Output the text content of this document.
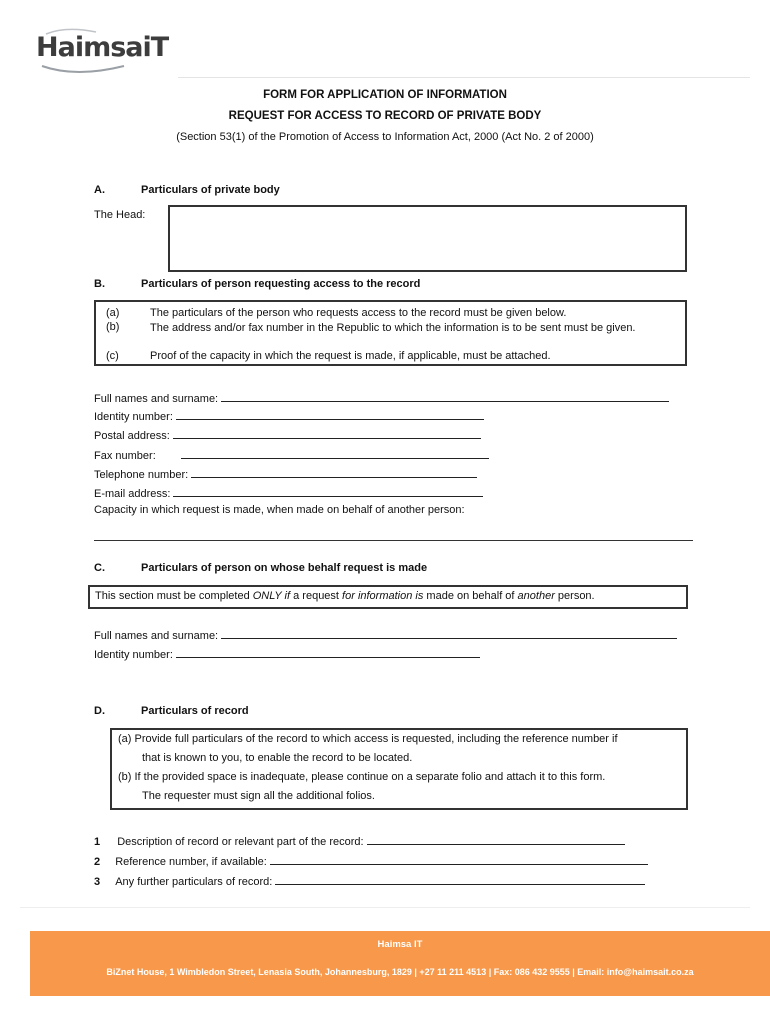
HaimsaiT
FORM FOR APPLICATION OF INFORMATION
REQUEST FOR ACCESS TO RECORD OF PRIVATE BODY
(Section 53(1) of the Promotion of Access to Information Act, 2000 (Act No. 2 of 2000)
A.	Particulars of private body
The Head:
B.	Particulars of person requesting access to the record
(a)	The particulars of the person who requests access to the record must be given below.
(b)	The address and/or fax number in the Republic to which the information is to be sent must be given.
(c)	Proof of the capacity in which the request is made, if applicable, must be attached.
Full names and surname:
Identity number:
Postal address:
Fax number:
Telephone number:
E-mail address:
Capacity in which request is made, when made on behalf of another person:
C.	Particulars of person on whose behalf request is made
This section must be completed ONLY if a request for information is made on behalf of another person.
Full names and surname:
Identity number:
D.	Particulars of record
(a) Provide full particulars of the record to which access is requested, including the reference number if
that is known to you, to enable the record to be located.
(b) If the provided space is inadequate, please continue on a separate folio and attach it to this form.
The requester must sign all the additional folios.
1 Description of record or relevant part of the record:
2 Reference number, if available:
3 Any further particulars of record:
Haimsa IT
BiZnet House, 1 Wimbledon Street, Lenasia South, Johannesburg, 1829 | +27 11 211 4513 | Fax: 086 432 9555 | Email: info@haimsait.co.za
